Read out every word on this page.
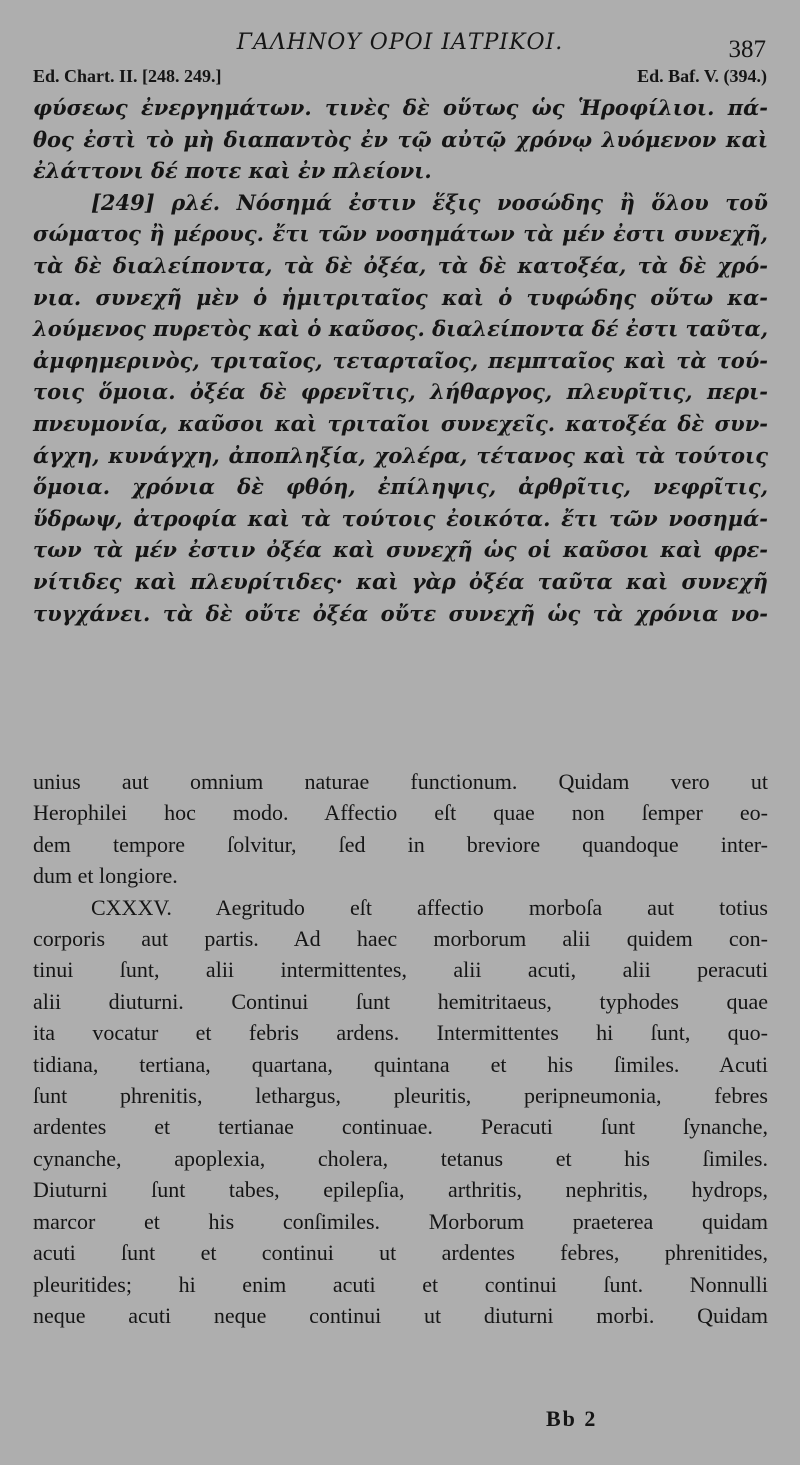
ΓΑΛΗΝΟΥ ΟΡΟΙ ΙΑΤΡΙΚΟΙ.	387
Ed. Chart. II. [248. 249.]	Ed. Baf. V. (394.)
φύσεως ἐνεργημάτων. τινὲς δὲ οὕτως ὡς Ἡροφίλιοι. πά-
θος ἐστὶ τὸ μὴ διαπαντὸς ἐν τῷ αὐτῷ χρόνῳ λυόμενον καὶ
ἐλάττονι δέ ποτε καὶ ἐν πλείονι.
[249] ρλέ. Νόσημά ἐστιν ἕξις νοσώδης ἢ ὅλου τοῦ
σώματος ἢ μέρους. ἔτι τῶν νοσημάτων τὰ μέν ἐστι συνεχῆ,
τὰ δὲ διαλείποντα, τὰ δὲ ὀξέα, τὰ δὲ κατοξέα, τὰ δὲ χρό-
νια. συνεχῆ μὲν ὁ ἡμιτριταῖος καὶ ὁ τυφώδης οὕτω κα-
λούμενος πυρετὸς καὶ ὁ καῦσος. διαλείποντα δέ ἐστι ταῦτα,
ἀμφημερινὸς, τριταῖος, τεταρταῖος, πεμπταῖος καὶ τὰ τού-
τοις ὅμοια. ὀξέα δὲ φρενῖτις, λήθαργος, πλευρῖτις, περι-
πνευμονία, καῦσοι καὶ τριταῖοι συνεχεῖς. κατοξέα δὲ συν-
άγχη, κυνάγχη, ἀποπληξία, χολέρα, τέτανος καὶ τὰ τούτοις
ὅμοια. χρόνια δὲ φθόη, ἐπίληψις, ἀρθρῖτις, νεφρῖτις,
ὕδρωψ, ἀτροφία καὶ τὰ τούτοις ἐοικότα. ἔτι τῶν νοσημά-
των τὰ μέν ἐστιν ὀξέα καὶ συνεχῆ ὡς οἱ καῦσοι καὶ φρε-
νίτιδες καὶ πλευρίτιδες· καὶ γὰρ ὀξέα ταῦτα καὶ συνεχῆ
τυγχάνει. τὰ δὲ οὔτε ὀξέα οὔτε συνεχῆ ὡς τὰ χρόνια νο-
unius aut omnium naturae functionum. Quidam vero ut
Herophilei hoc modo. Affectio eſt quae non ſemper eo-
dem tempore ſolvitur, ſed in breviore quandoque inter-
dum et longiore.
CXXXV. Aegritudo eſt affectio morboſa aut totius
corporis aut partis. Ad haec morborum alii quidem con-
tinui ſunt, alii intermittentes, alii acuti, alii peracuti
alii diuturni. Continui ſunt hemitritaeus, typhodes quae
ita vocatur et febris ardens. Intermittentes hi ſunt, quo-
tidiana, tertiana, quartana, quintana et his ſimiles. Acuti
ſunt phrenitis, lethargus, pleuritis, peripneumonia, febres
ardentes et tertianae continuae. Peracuti ſunt ſynanche,
cynanche, apoplexia, cholera, tetanus et his ſimiles.
Diuturni ſunt tabes, epilepſia, arthritis, nephritis, hydrops,
marcor et his conſimiles. Morborum praeterea quidam
acuti ſunt et continui ut ardentes febres, phrenitides,
pleuritides; hi enim acuti et continui ſunt. Nonnulli
neque acuti neque continui ut diuturni morbi. Quidam
Bb 2
